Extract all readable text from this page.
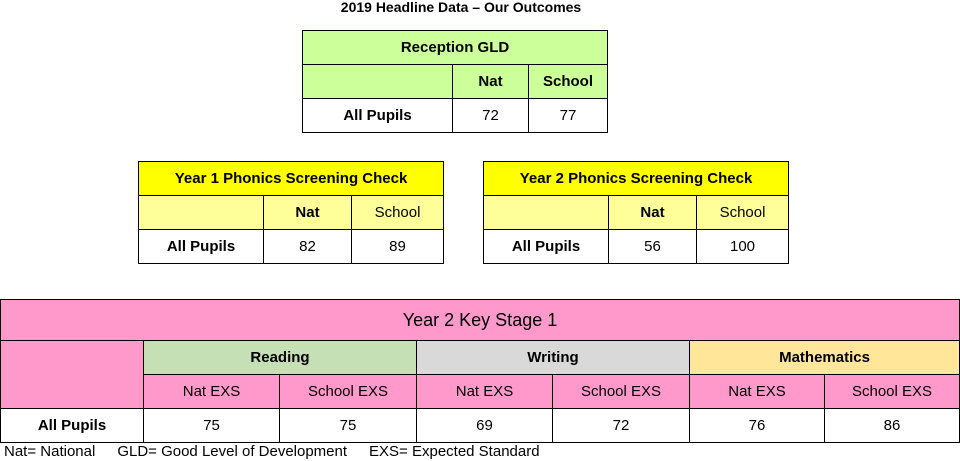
2019 Headline Data – Our Outcomes
Reception GLD		
	Nat	School
All Pupils	72	77
Year 1 Phonics Screening Check		
	Nat	School
All Pupils	82	89
Year 2 Phonics Screening Check		
	Nat	School
All Pupils	56	100
Year 2 Key Stage 1						
	Reading		Writing		Mathematics	
	Nat EXS	School EXS	Nat EXS	School EXS	Nat EXS	School EXS
All Pupils	75	75	69	72	76	86
Nat= National GLD= Good Level of Development EXS= Expected Standard
